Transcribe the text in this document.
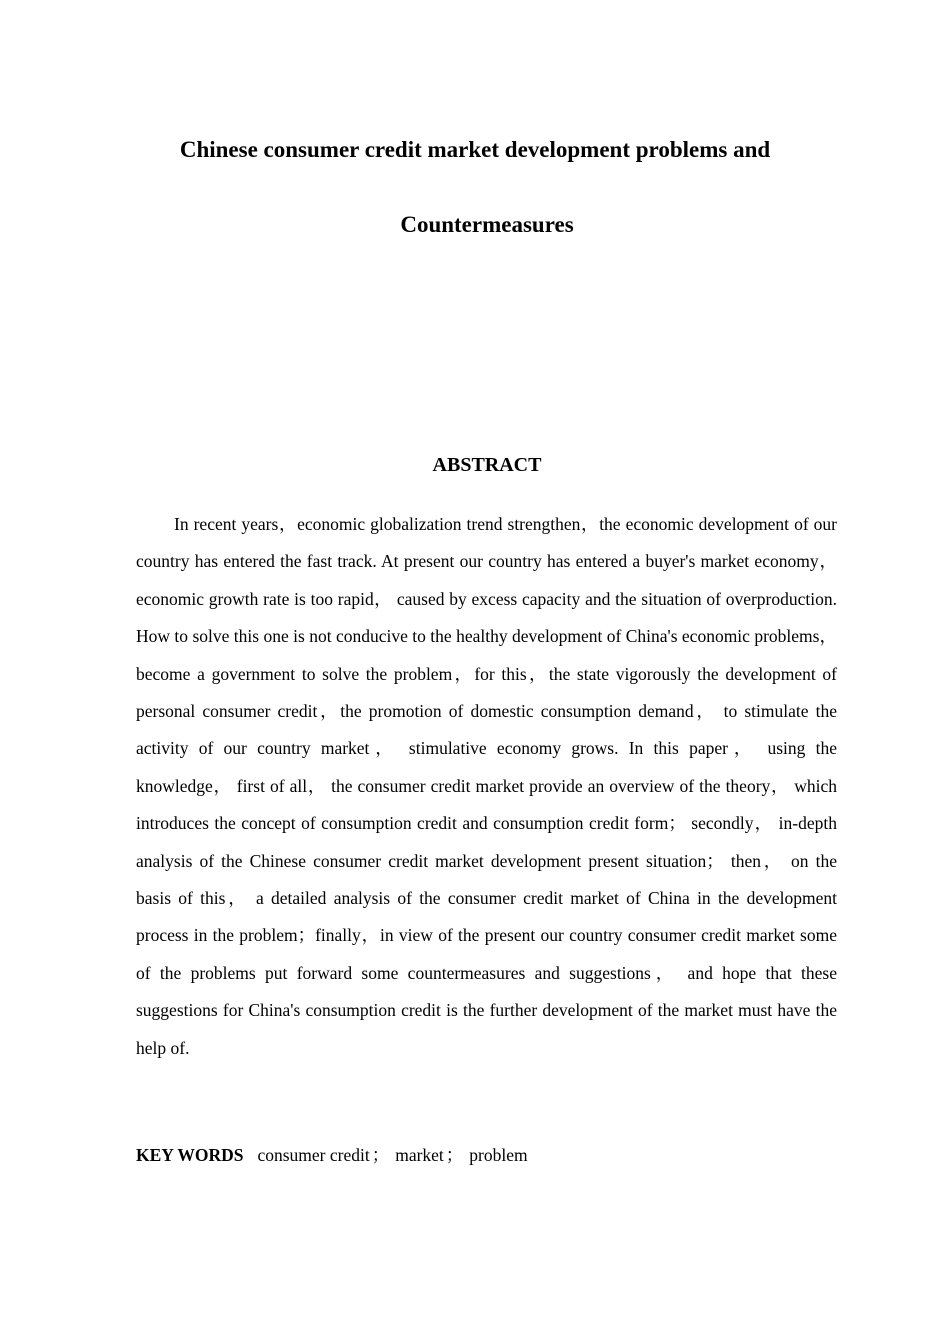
Chinese consumer credit market development problems and
Countermeasures
ABSTRACT

In recent years，economic globalization trend strengthen，the economic development of our country has entered the fast track. At present our country has entered a buyer's market economy， economic growth rate is too rapid， caused by excess capacity and the situation of overproduction. How to solve this one is not conducive to the healthy development of China's economic problems，become a government to solve the problem，for this，the state vigorously the development of personal consumer credit，the promotion of domestic consumption demand， to stimulate the activity of our country market， stimulative economy grows. In this paper， using the knowledge， first of all， the consumer credit market provide an overview of the theory， which introduces the concept of consumption credit and consumption credit form； secondly， in-depth analysis of the Chinese consumer credit market development present situation； then， on the basis of this， a detailed analysis of the consumer credit market of China in the development process in the problem；finally，in view of the present our country consumer credit market some of the problems put forward some countermeasures and suggestions， and hope that these suggestions for China's consumption credit is the further development of the market must have the help of.

KEY WORDS consumer credit ； market ； problem
